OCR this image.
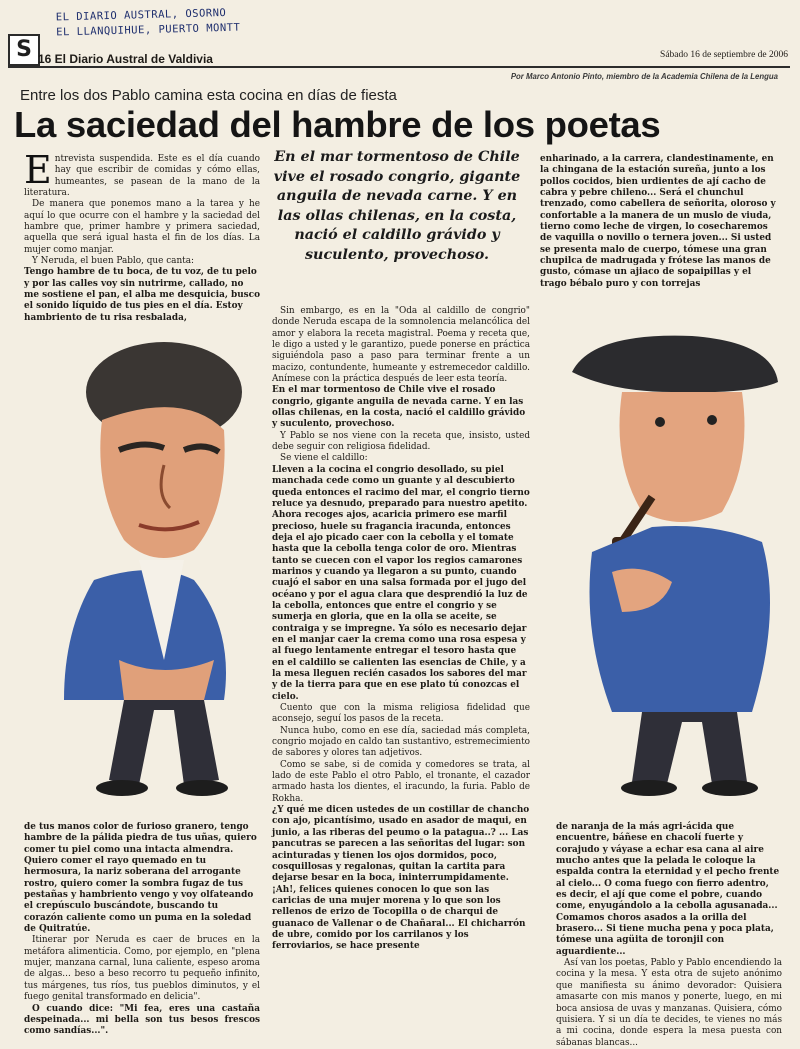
EL DIARIO AUSTRAL, OSORNO
EL LLANQUIHUE, PUERTO MONTT
S 16 El Diario Austral de Valdivia	Sábado 16 de septiembre de 2006
Por Marco Antonio Pinto, miembro de la Academia Chilena de la Lengua
Entre los dos Pablo camina esta cocina en días de fiesta
La saciedad del hambre de los poetas

Entrevista suspendida. Este es el día cuando hay que escribir de comidas y cómo ellas, humeantes, se pasean de la mano de la literatura.

De manera que ponemos mano a la tarea y he aquí lo que ocurre con el hambre y la saciedad del hambre que, primer hambre y primera saciedad, aquella que será igual hasta el fin de los días. La mujer como manjar.

Y Neruda, el buen Pablo, que canta:

Tengo hambre de tu boca, de tu voz, de tu pelo y por las calles voy sin nutrirme, callado, no me sostiene el pan, el alba me desquicia, busco el sonido líquido de tus pies en el día. Estoy hambriento de tu risa resbalada,

En el mar tormentoso de Chile vive el rosado congrio, gigante anguila de nevada carne. Y en las ollas chilenas, en la costa, nació el caldillo grávido y suculento, provechoso.

enharinado, a la carrera, clandestinamente, en la chingana de la estación sureña, junto a los pollos cocidos, bien urdientes de ají cacho de cabra y pebre chileno... Será el chunchul trenzado, como cabellera de señorita, oloroso y confortable a la manera de un muslo de viuda, tierno como leche de virgen, lo cosecharemos de vaquilla o novillo o ternera joven... Si usted se presenta malo de cuerpo, tómese una gran chupilca de madrugada y frótese las manos de gusto, cómase un ajiaco de sopaipillas y el trago bébalo puro y con torrejas

Sin embargo, es en la "Oda al caldillo de congrio" donde Neruda escapa de la somnolencia melancólica del amor y elabora la receta magistral. Poema y receta que, le digo a usted y le garantizo, puede ponerse en práctica siguiéndola paso a paso para terminar frente a un macizo, contundente, humeante y estremecedor caldillo. Anímese con la práctica después de leer esta teoría.

En el mar tormentoso de Chile vive el rosado congrio, gigante anguila de nevada carne. Y en las ollas chilenas, en la costa, nació el caldillo grávido y suculento, provechoso.

Y Pablo se nos viene con la receta que, insisto, usted debe seguir con religiosa fidelidad.

Se viene el caldillo:

Lleven a la cocina el congrio desollado, su piel manchada cede como un guante y al descubierto queda entonces el racimo del mar, el congrio tierno reluce ya desnudo, preparado para nuestro apetito. Ahora recoges ajos, acaricia primero ese marfil precioso, huele su fragancia iracunda, entonces deja el ajo picado caer con la cebolla y el tomate hasta que la cebolla tenga color de oro. Mientras tanto se cuecen con el vapor los regios camarones marinos y cuando ya llegaron a su punto, cuando cuajó el sabor en una salsa formada por el jugo del océano y por el agua clara que desprendió la luz de la cebolla, entonces que entre el congrio y se sumerja en gloria, que en la olla se aceite, se contraiga y se impregne. Ya sólo es necesario dejar en el manjar caer la crema como una rosa espesa y al fuego lentamente entregar el tesoro hasta que en el caldillo se calienten las esencias de Chile, y a la mesa lleguen recién casados los sabores del mar y de la tierra para que en ese plato tú conozcas el cielo.

Cuento que con la misma religiosa fidelidad que aconsejo, seguí los pasos de la receta.

Nunca hubo, como en ese día, saciedad más completa, congrio mojado en caldo tan sustantivo, estremecimiento de sabores y olores tan adjetivos.

Como se sabe, si de comida y comedores se trata, al lado de este Pablo el otro Pablo, el tronante, el cazador armado hasta los dientes, el iracundo, la furia. Pablo de Rokha.

¿Y qué me dicen ustedes de un costillar de chancho con ajo, picantísimo, usado en asador de maqui, en junio, a las riberas del peumo o la patagua..? ... Las pancutras se parecen a las señoritas del lugar: son acinturadas y tienen los ojos dormidos, poco, cosquillosas y regalonas, quitan la cartita para dejarse besar en la boca, ininterrumpidamente. ¡Ah!, felices quienes conocen lo que son las caricias de una mujer morena y lo que son los rellenos de erizo de Tocopilla o de charqui de guanaco de Vallenar o de Chañaral... El chicharrón de ubre, comido por los carrilanos y los ferroviarios, se hace presente

de tus manos color de furioso granero, tengo hambre de la pálida piedra de tus uñas, quiero comer tu piel como una intacta almendra. Quiero comer el rayo quemado en tu hermosura, la nariz soberana del arrogante rostro, quiero comer la sombra fugaz de tus pestañas y hambriento vengo y voy olfateando el crepúsculo buscándote, buscando tu corazón caliente como un puma en la soledad de Quitratúe.

Itinerar por Neruda es caer de bruces en la metáfora alimenticia. Como, por ejemplo, en "plena mujer, manzana carnal, luna caliente, espeso aroma de algas... beso a beso recorro tu pequeño infinito, tus márgenes, tus ríos, tus pueblos diminutos, y el fuego genital transformado en delicia".

O cuando dice: "Mi fea, eres una castaña despeinada... mi bella son tus besos frescos como sandías...".

de naranja de la más agri-ácida que encuentre, báñese en chacolí fuerte y corajudo y váyase a echar esa cana al aire mucho antes que la pelada le coloque la espalda contra la eternidad y el pecho frente al cielo... O coma fuego con fierro adentro, es decir, el ají que come el pobre, cuando come, enyugándolo a la cebolla agusanada... Comamos choros asados a la orilla del brasero... Si tiene mucha pena y poca plata, tómese una agüita de toronjil con aguardiente...

Así van los poetas, Pablo y Pablo encendiendo la cocina y la mesa. Y esta otra de sujeto anónimo que manifiesta su ánimo devorador: Quisiera amasarte con mis manos y ponerte, luego, en mi boca ansiosa de uvas y manzanas. Quisiera, cómo quisiera. Y si un día te decides, te vienes no más a mi cocina, donde espera la mesa puesta con sábanas blancas...
